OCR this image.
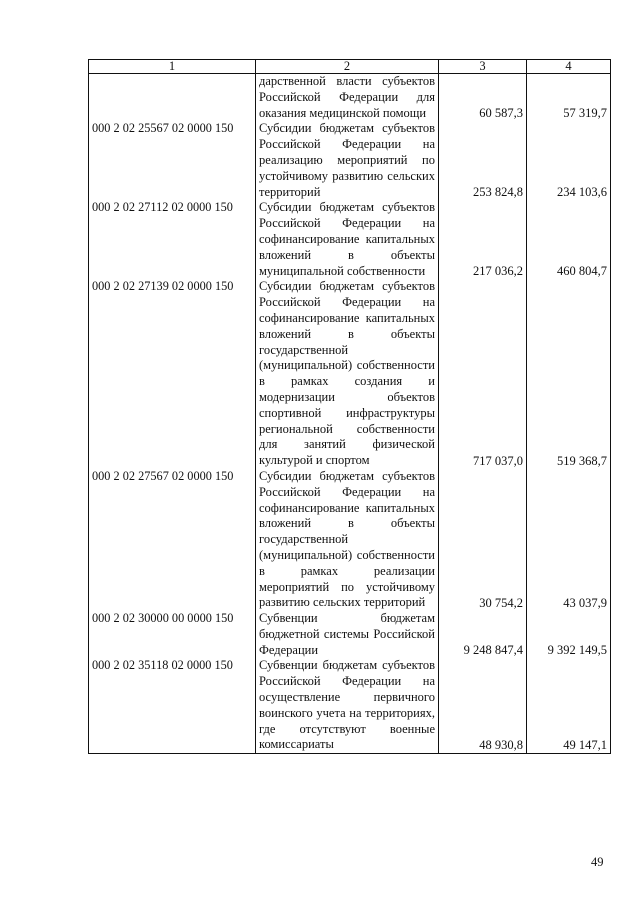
1	2	3	4
	дарственной власти субъектов Российской Федерации для оказания медицинской помощи	60 587,3	57 319,7
000 2 02 25567 02 0000 150	Субсидии бюджетам субъектов Российской Федерации на реализацию мероприятий по устойчивому развитию сельских территорий	253 824,8	234 103,6
000 2 02 27112 02 0000 150	Субсидии бюджетам субъектов Российской Федерации на софинансирование капитальных вложений в объекты муниципальной собственности	217 036,2	460 804,7
000 2 02 27139 02 0000 150	Субсидии бюджетам субъектов Российской Федерации на софинансирование капитальных вложений в объекты государственной (муниципальной) собственности в рамках создания и модернизации объектов спортивной инфраструктуры региональной собственности для занятий физической культурой и спортом	717 037,0	519 368,7
000 2 02 27567 02 0000 150	Субсидии бюджетам субъектов Российской Федерации на софинансирование капитальных вложений в объекты государственной (муниципальной) собственности в рамках реализации мероприятий по устойчивому развитию сельских территорий	30 754,2	43 037,9
000 2 02 30000 00 0000 150	Субвенции бюджетам бюджетной системы Российской Федерации	9 248 847,4	9 392 149,5
000 2 02 35118 02 0000 150	Субвенции бюджетам субъектов Российской Федерации на осуществление первичного воинского учета на территориях, где отсутствуют военные комиссариаты	48 930,8	49 147,1
49
